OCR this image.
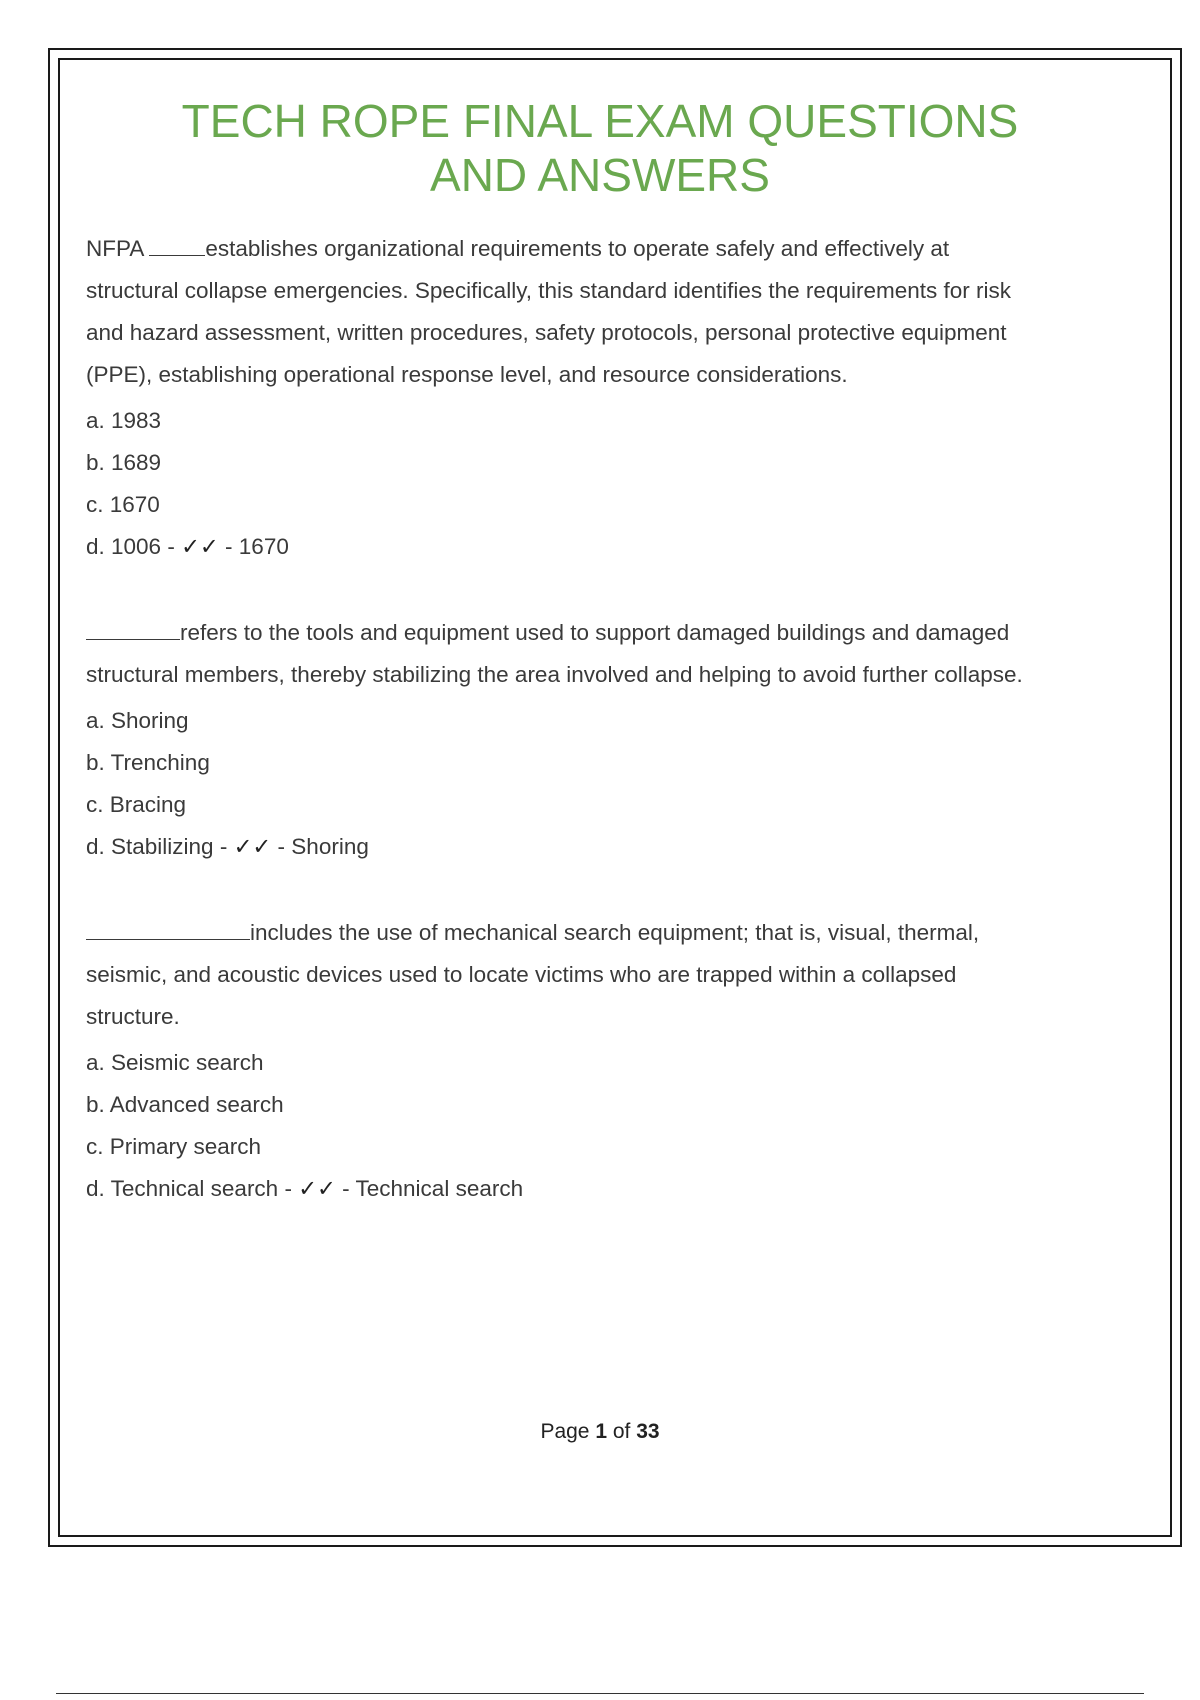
TECH ROPE FINAL EXAM QUESTIONS
AND ANSWERS

NFPA establishes organizational requirements to operate safely and effectively at structural collapse emergencies. Specifically, this standard identifies the requirements for risk and hazard assessment, written procedures, safety protocols, personal protective equipment (PPE), establishing operational response level, and resource considerations.

a. 1983

b. 1689

c. 1670

d. 1006 - ✓✓ - 1670

refers to the tools and equipment used to support damaged buildings and damaged structural members, thereby stabilizing the area involved and helping to avoid further collapse.

a. Shoring

b. Trenching

c. Bracing

d. Stabilizing - ✓✓ - Shoring

includes the use of mechanical search equipment; that is, visual, thermal, seismic, and acoustic devices used to locate victims who are trapped within a collapsed structure.

a. Seismic search

b. Advanced search

c. Primary search

d. Technical search - ✓✓ - Technical search

Page 1 of 33
